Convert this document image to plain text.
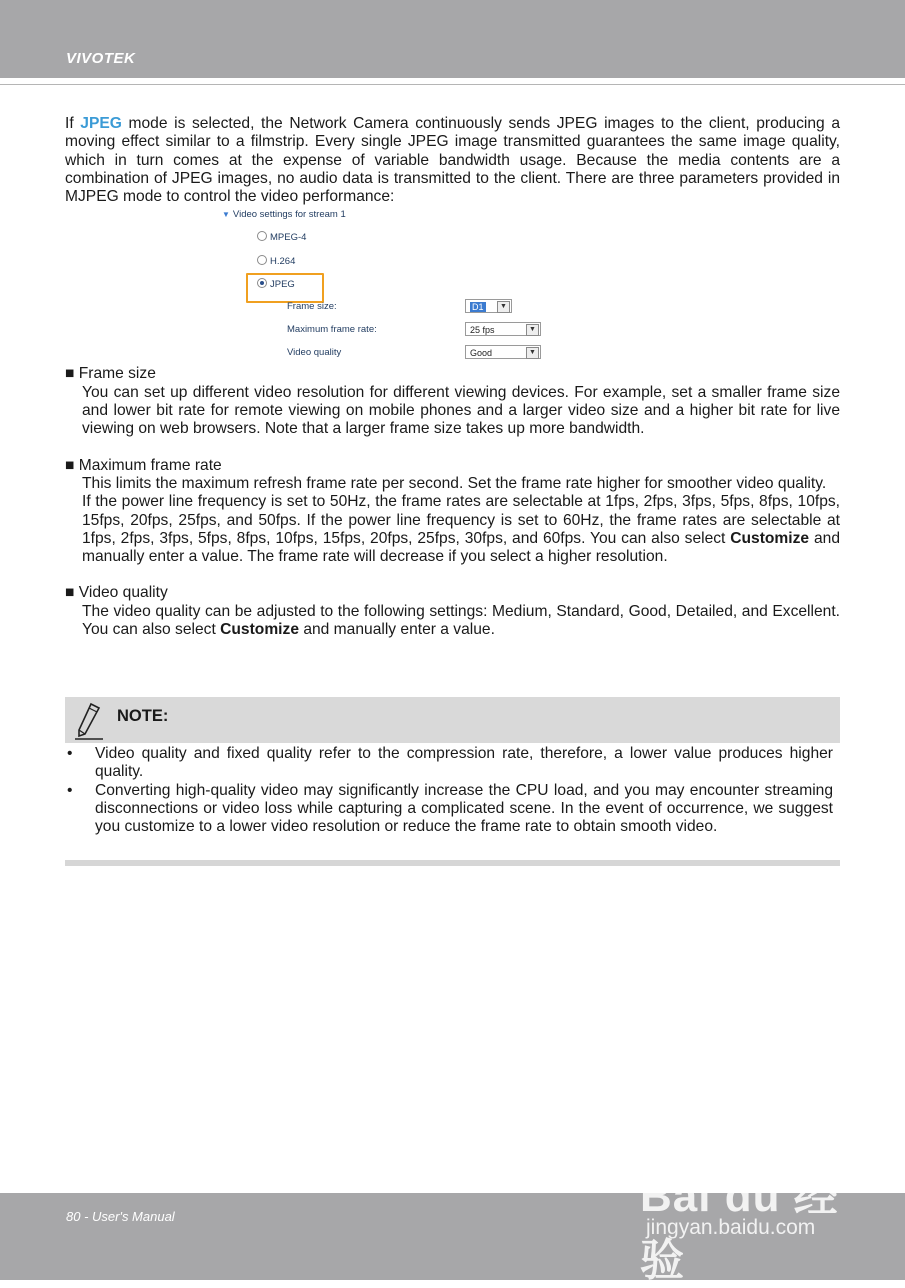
VIVOTEK

If JPEG mode is selected, the Network Camera continuously sends JPEG images to the client, producing a moving effect similar to a filmstrip. Every single JPEG image transmitted guarantees the same image quality, which in turn comes at the expense of variable bandwidth usage. Because the media contents are a combination of JPEG images, no audio data is transmitted to the client. There are three parameters provided in MJPEG mode to control the video performance:

▼ Video settings for stream 1
MPEG-4
H.264
JPEG
Frame size:	D1	▼
Maximum frame rate:	25 fps	▼
Video quality	Good	▼
■ Frame size

You can set up different video resolution for different viewing devices. For example, set a smaller frame size and lower bit rate for remote viewing on mobile phones and a larger video size and a higher bit rate for live viewing on web browsers. Note that a larger frame size takes up more bandwidth.

■ Maximum frame rate

This limits the maximum refresh frame rate per second. Set the frame rate higher for smoother video quality.

If the power line frequency is set to 50Hz, the frame rates are selectable at 1fps, 2fps, 3fps, 5fps, 8fps, 10fps, 15fps, 20fps, 25fps, and 50fps. If the power line frequency is set to 60Hz, the frame rates are selectable at 1fps, 2fps, 3fps, 5fps, 8fps, 10fps, 15fps, 20fps, 25fps, 30fps, and 60fps. You can also select Customize and manually enter a value. The frame rate will decrease if you select a higher resolution.

■ Video quality

The video quality can be adjusted to the following settings: Medium, Standard, Good, Detailed, and Excellent. You can also select Customize and manually enter a value.

NOTE:
• Video quality and fixed quality refer to the compression rate, therefore, a lower value produces higher quality.
• Converting high-quality video may significantly increase the CPU load, and you may encounter streaming disconnections or video loss while capturing a complicated scene. In the event of occurrence, we suggest you customize to a lower video resolution or reduce the frame rate to obtain smooth video.
80 - User's Manual	Bai du 经验
jingyan.baidu.com
